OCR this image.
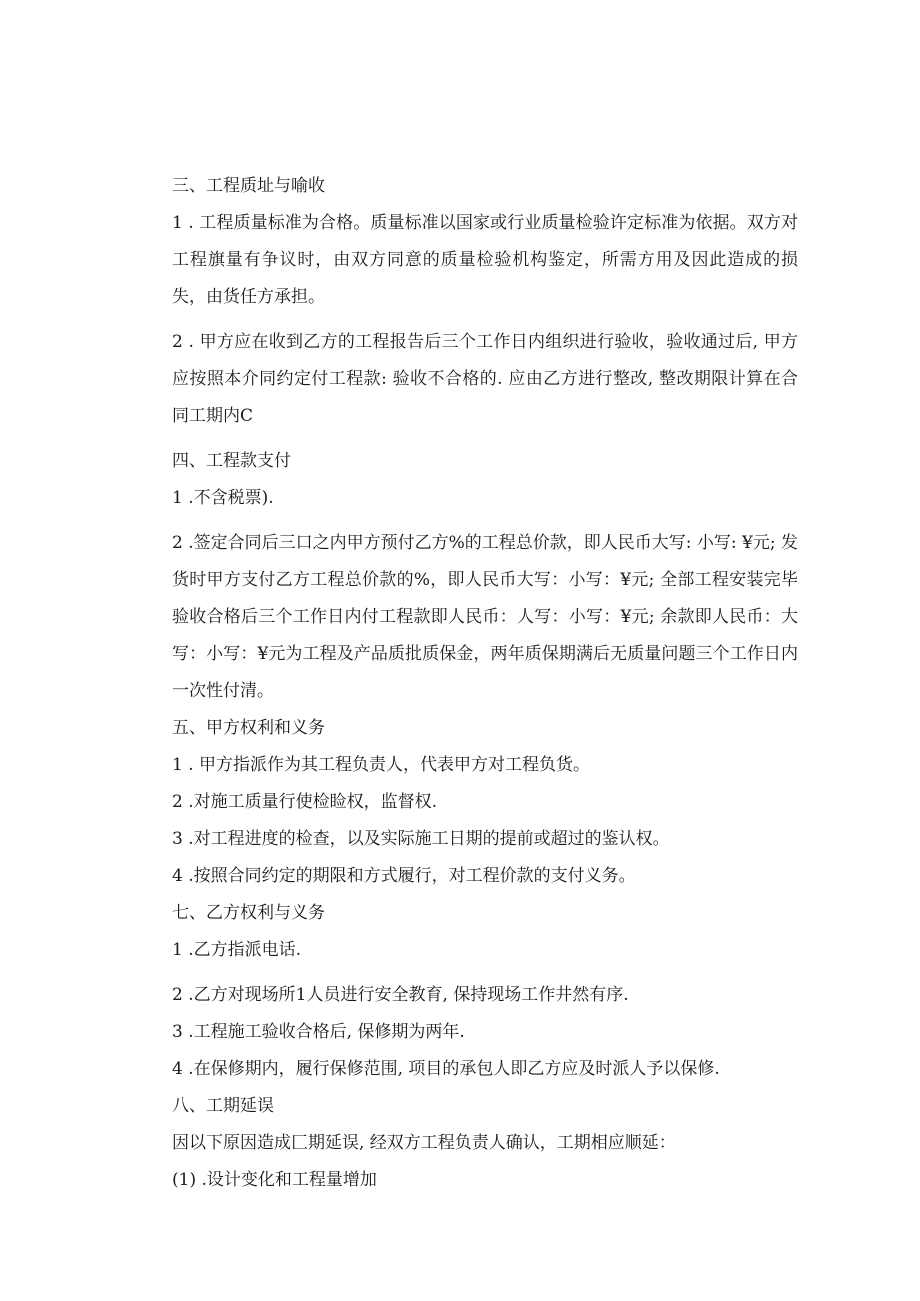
三、工程质址与喻收
1 . 工程质量标准为合格。质量标准以国家或行业质量检验许定标准为依据。双方对工程旗量有争议时，由双方同意的质量检验机构鉴定，所需方用及因此造成的损失，由货任方承担。
2 . 甲方应在收到乙方的工程报告后三个工作日内组织进行验收，验收通过后, 甲方应按照本介同约定付工程款: 验收不合格的. 应由乙方进行整改, 整改期限计算在合同工期内C
四、工程款支付
1 .不含税票).
2 .签定合同后三口之内甲方预付乙方%的工程总价款，即人民币大写: 小写: ¥元; 发货时甲方支付乙方工程总价款的%，即人民币大写：小写：¥元; 全部工程安装完毕验收合格后三个工作日内付工程款即人民币：人写：小写：¥元; 余款即人民币：大写：小写：¥元为工程及产品质批质保金，两年质保期满后无质量问题三个工作日内一次性付清。
五、甲方权利和义务
1 . 甲方指派作为其工程负责人，代表甲方对工程负货。
2 .对施工质量行使检睑权，监督权.
3 .对工程进度的检查，以及实际施工日期的提前或超过的鉴认权。
4 .按照合同约定的期限和方式履行，对工程价款的支付义务。
七、乙方权利与义务
1 .乙方指派电话.
2 .乙方对现场所1人员进行安全教育, 保持现场工作井然有序.
3 .工程施工验收合格后, 保修期为两年.
4 .在保修期内，履行保修范围, 项目的承包人即乙方应及时派人予以保修.
八、工期延误
因以下原因造成匚期延误, 经双方工程负责人确认，工期相应顺延：
(1) .设计变化和工程量增加
